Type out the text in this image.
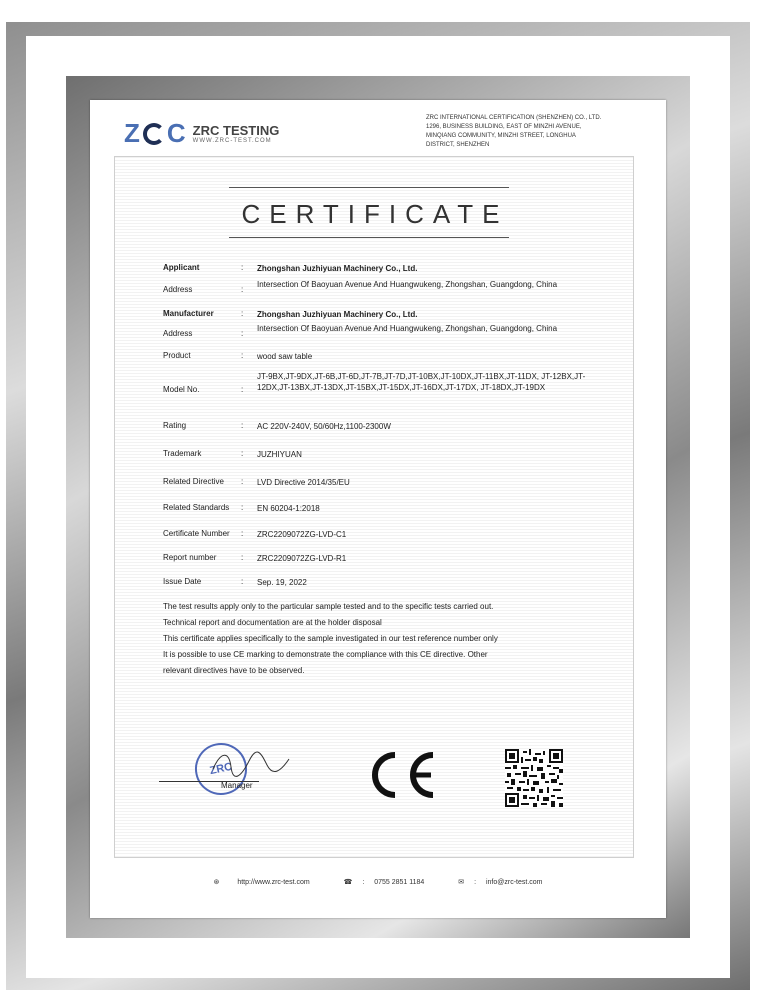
Z C ZRC TESTING
WWW.ZRC-TEST.COM
ZRC INTERNATIONAL CERTIFICATION (SHENZHEN) CO., LTD.
1296, BUSINESS BUILDING, EAST OF MINZHI AVENUE,
MINQIANG COMMUNITY, MINZHI STREET, LONGHUA
DISTRICT, SHENZHEN
CERTIFICATE
Applicant	: Zhongshan Juzhiyuan Machinery Co., Ltd.
Address	:
Intersection Of Baoyuan Avenue And Huangwukeng, Zhongshan, Guangdong, China
Manufacturer	: Zhongshan Juzhiyuan Machinery Co., Ltd.
Address	:
Intersection Of Baoyuan Avenue And Huangwukeng, Zhongshan, Guangdong, China
Product	: wood saw table
Model No.	:
JT-9BX,JT-9DX,JT-6B,JT-6D,JT-7B,JT-7D,JT-10BX,JT-10DX,JT-11BX,JT-11DX, JT-12BX,JT-12DX,JT-13BX,JT-13DX,JT-15BX,JT-15DX,JT-16DX,JT-17DX, JT-18DX,JT-19DX
Rating	: AC 220V-240V, 50/60Hz,1100-2300W
Trademark	: JUZHIYUAN
Related Directive	: LVD Directive 2014/35/EU
Related Standards	: EN 60204-1:2018
Certificate Number	: ZRC2209072ZG-LVD-C1
Report number	: ZRC2209072ZG-LVD-R1
Issue Date	: Sep. 19, 2022
The test results apply only to the particular sample tested and to the specific tests carried out.
Technical report and documentation are at the holder disposal
This certificate applies specifically to the sample investigated in our test reference number only
It is possible to use CE marking to demonstrate the compliance with this CE directive. Other
relevant directives have to be observed.
ZRC
Manager
⊛	http://www.zrc-test.com	☎ : 0755 2851 1184	✉ : info@zrc-test.com
